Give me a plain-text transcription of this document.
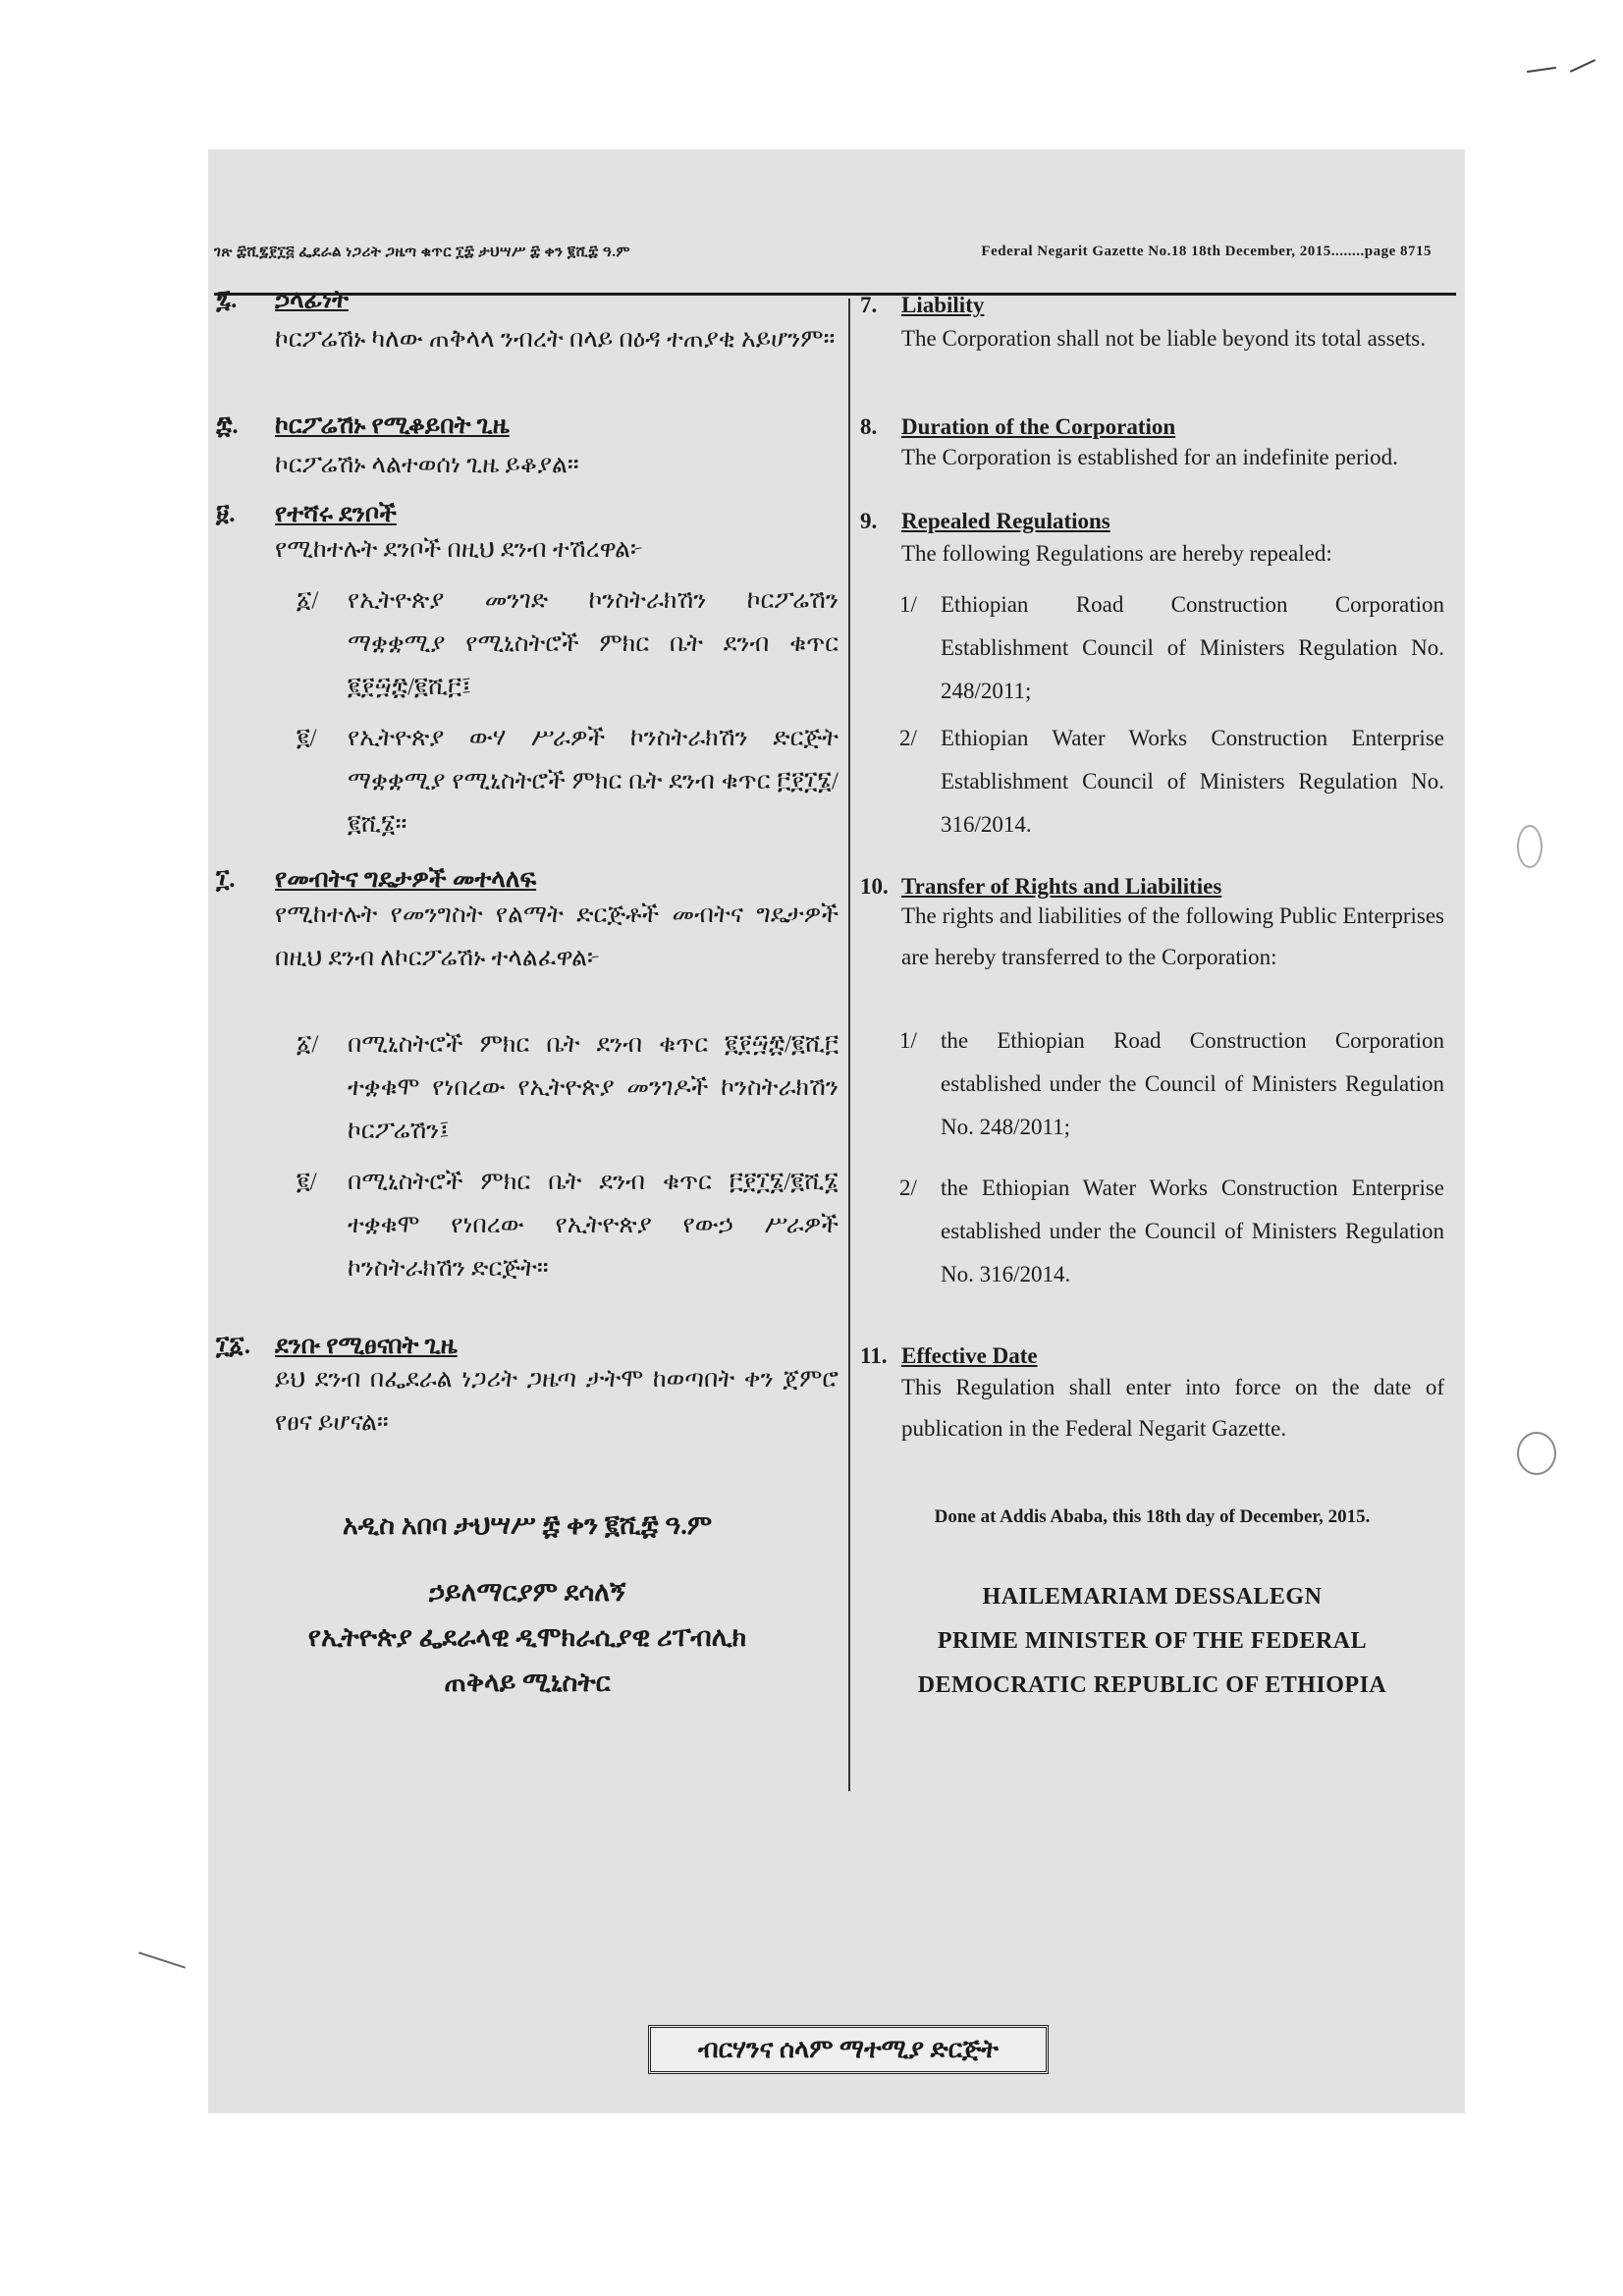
ገጽ ፰ሺ፯፻፲፭ ፌደራል ነጋሪት ጋዜጣ ቁጥር ፲፰ ታህሣሥ ፰ ቀን ፪ሺ፰ ዓ.ም	Federal Negarit Gazette No.18 18th December, 2015........page 8715
፯. ኃላፊነት
ኮርፖሬሽኑ ካለው ጠቅላላ ንብረት በላይ በዕዳ ተጠያቂ አይሆንም፡፡
፰. ኮርፖሬሽኑ የሚቆይበት ጊዜ
ኮርፖሬሽኑ ላልተወሰነ ጊዜ ይቆያል፡፡
፱. የተሻሩ ደንቦች
የሚከተሉት ደንቦች በዚህ ደንብ ተሽረዋል፦
፩/ የኢትዮጵያ መንገድ ኮንስትራክሽን ኮርፖሬሽን ማቋቋሚያ የሚኒስትሮች ምክር ቤት ደንብ ቁጥር ፪፻፵፰/፪ሺ፫፤
፪/ የኢትዮጵያ ውሃ ሥራዎች ኮንስትራክሽን ድርጅት ማቋቋሚያ የሚኒስትሮች ምክር ቤት ደንብ ቁጥር ፫፻፲፮/፪ሺ፮፡፡
፲. የመብትና ግዴታዎች መተላለፍ
የሚከተሉት የመንግስት የልማት ድርጅቶች መብትና ግዴታዎች በዚህ ደንብ ለኮርፖሬሽኑ ተላልፈዋል፦
፩/ በሚኒስትሮች ምክር ቤት ደንብ ቁጥር ፪፻፵፰/፪ሺ፫ ተቋቁሞ የነበረው የኢትዮጵያ መንገዶች ኮንስትራክሽን ኮርፖሬሽን፤
፪/ በሚኒስትሮች ምክር ቤት ደንብ ቁጥር ፫፻፲፮/፪ሺ፮ ተቋቁሞ የነበረው የኢትዮጵያ የውኃ ሥራዎች ኮንስትራክሽን ድርጅት፡፡
፲፩. ደንቡ የሚፀናበት ጊዜ
ይህ ደንብ በፌደራል ነጋሪት ጋዜጣ ታትሞ ከወጣበት ቀን ጀምሮ የፀና ይሆናል።
አዲስ አበባ ታህሣሥ ፰ ቀን ፪ሺ፰ ዓ.ም
ኃይለማርያም ደሳለኝ
የኢትዮጵያ ፌደራላዊ ዲሞክራሲያዊ ሪፐብሊክ
ጠቅላይ ሚኒስትር
7. Liability
The Corporation shall not be liable beyond its total assets.
8. Duration of the Corporation
The Corporation is established for an indefinite period.
9. Repealed Regulations
The following Regulations are hereby repealed:
1/ Ethiopian Road Construction Corporation Establishment Council of Ministers Regulation No. 248/2011;
2/ Ethiopian Water Works Construction Enterprise Establishment Council of Ministers Regulation No. 316/2014.
10. Transfer of Rights and Liabilities
The rights and liabilities of the following Public Enterprises are hereby transferred to the Corporation:
1/ the Ethiopian Road Construction Corporation established under the Council of Ministers Regulation No. 248/2011;
2/ the Ethiopian Water Works Construction Enterprise established under the Council of Ministers Regulation No. 316/2014.
11. Effective Date
This Regulation shall enter into force on the date of publication in the Federal Negarit Gazette.
Done at Addis Ababa, this 18th day of December, 2015.
HAILEMARIAM DESSALEGN
PRIME MINISTER OF THE FEDERAL
DEMOCRATIC REPUBLIC OF ETHIOPIA
ብርሃንና ሰላም ማተሚያ ድርጅት
